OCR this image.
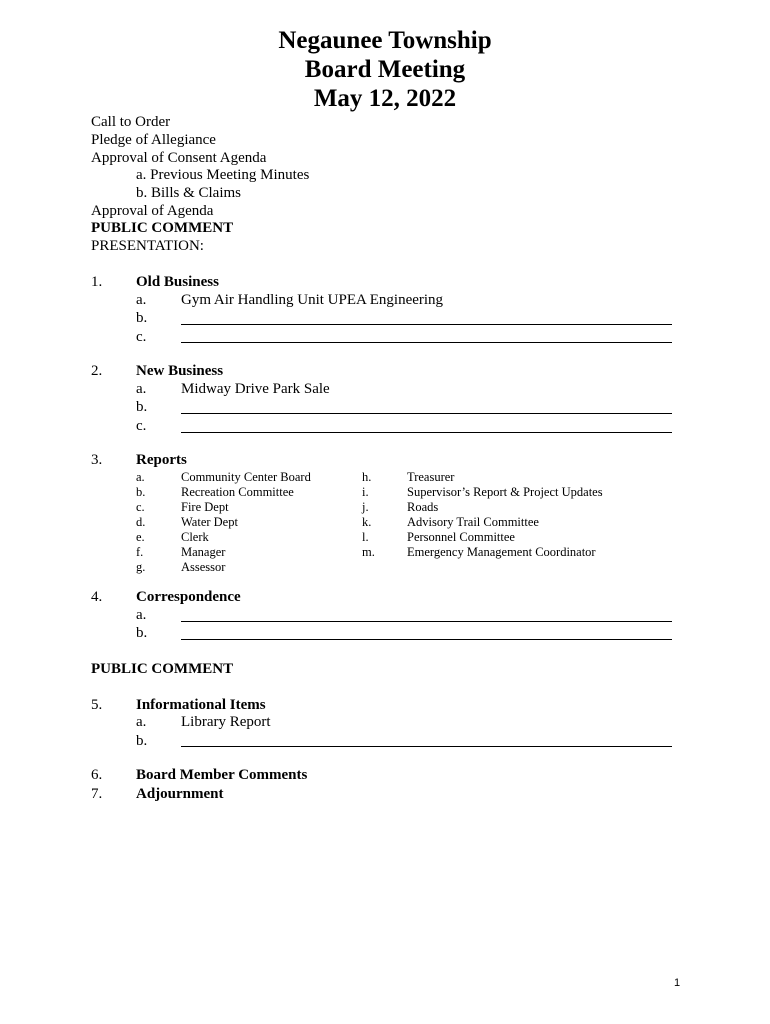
Negaunee Township
Board Meeting
May 12, 2022
Call to Order
Pledge of Allegiance
Approval of Consent Agenda
a. Previous Meeting Minutes
b. Bills & Claims
Approval of Agenda
PUBLIC COMMENT
PRESENTATION:
1. Old Business
a. Gym Air Handling Unit UPEA Engineering
b.
c.
2. New Business
a. Midway Drive Park Sale
b.
c.
3. Reports
a.	Community Center Board
b.	Recreation Committee
c.	Fire Dept
d.	Water Dept
e.	Clerk
f.	Manager
g.	Assessor
h.	Treasurer
i.	Supervisor’s Report & Project Updates
j.	Roads
k.	Advisory Trail Committee
l.	Personnel Committee
m.	Emergency Management Coordinator
4. Correspondence
a.
b.
PUBLIC COMMENT
5. Informational Items
a. Library Report
b.
6. Board Member Comments
7. Adjournment
1
